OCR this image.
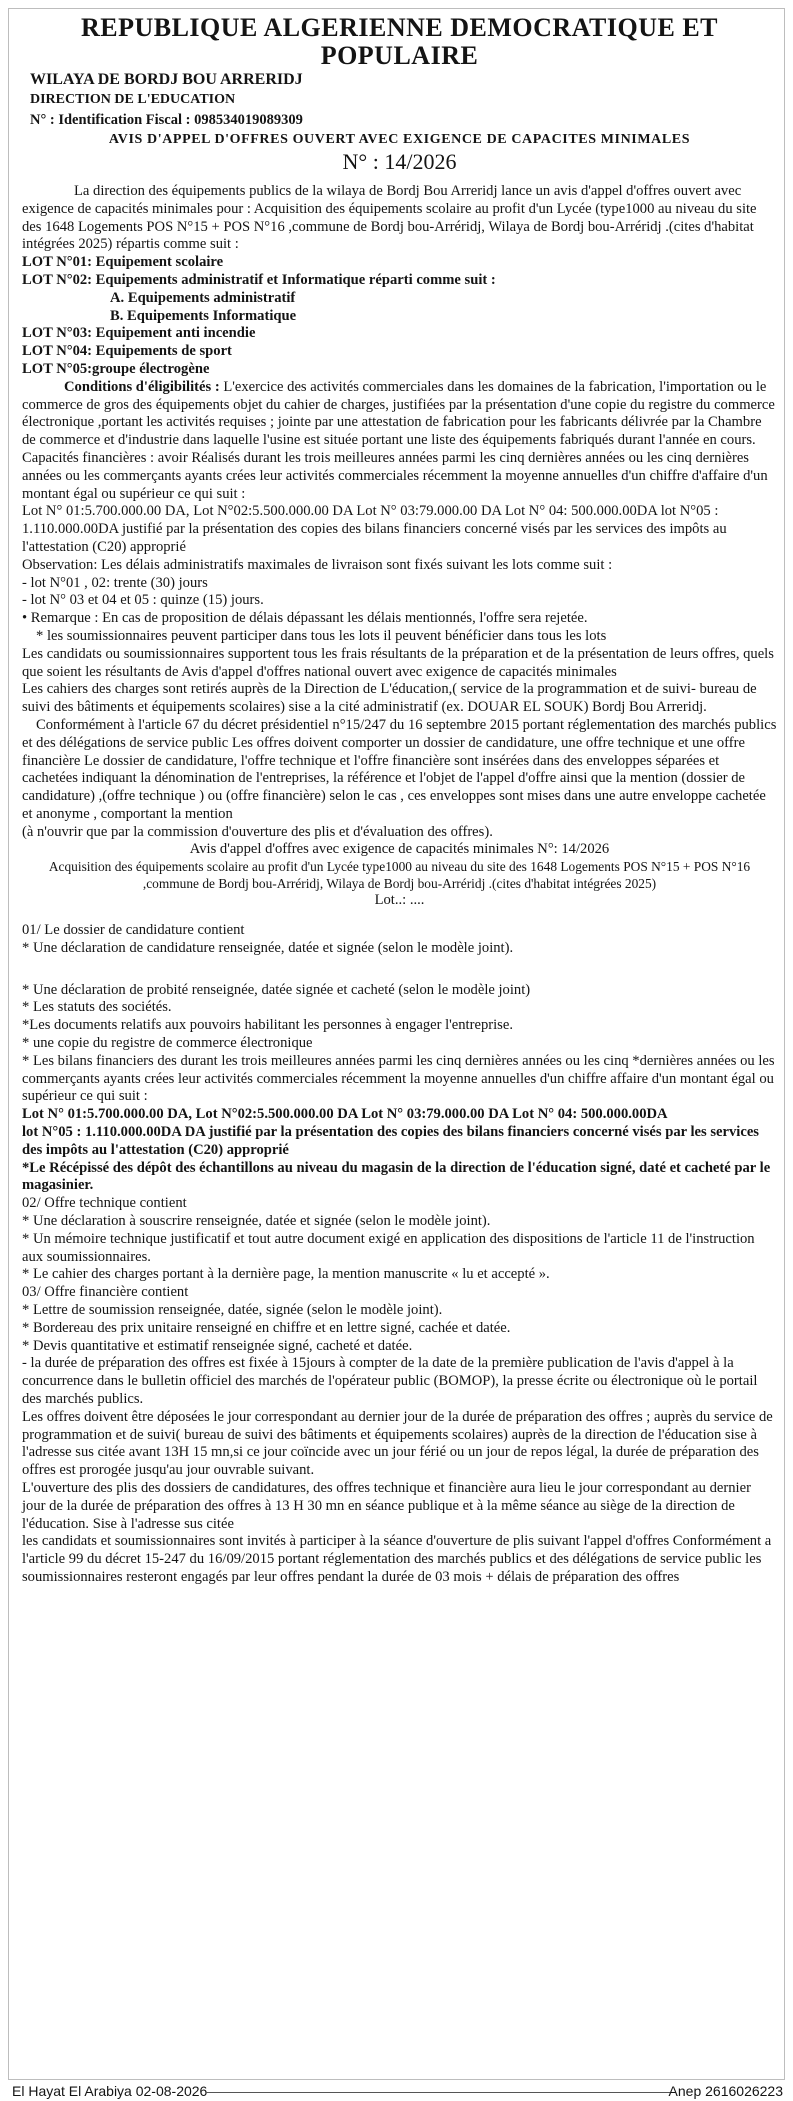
REPUBLIQUE ALGERIENNE DEMOCRATIQUE ET POPULAIRE

WILAYA DE BORDJ BOU ARRERIDJ

DIRECTION DE L'EDUCATION

N° : Identification Fiscal : 098534019089309

AVIS D'APPEL D'OFFRES OUVERT AVEC EXIGENCE DE CAPACITES MINIMALES

N° : 14/2026

La direction des équipements publics de la wilaya de Bordj Bou Arreridj lance un avis d'appel d'offres ouvert avec exigence de capacités minimales pour : Acquisition des équipements scolaire au profit d'un Lycée (type1000 au niveau du site des 1648 Logements POS N°15 + POS N°16 ,commune de Bordj bou-Arréridj, Wilaya de Bordj bou-Arréridj .(cites d'habitat intégrées 2025) répartis comme suit :

LOT N°01: Equipement scolaire

LOT N°02: Equipements administratif et Informatique réparti comme suit :

A. Equipements administratif

B. Equipements Informatique

LOT N°03: Equipement anti incendie

LOT N°04: Equipements de sport

LOT N°05:groupe électrogène

Conditions d'éligibilités : L'exercice des activités commerciales dans les domaines de la fabrication, l'importation ou le commerce de gros des équipements objet du cahier de charges, justifiées par la présentation d'une copie du registre du commerce électronique ,portant les activités requises ; jointe par une attestation de fabrication pour les fabricants délivrée par la Chambre de commerce et d'industrie dans laquelle l'usine est située portant une liste des équipements fabriqués durant l'année en cours.

Capacités financières : avoir Réalisés durant les trois meilleures années parmi les cinq dernières années ou les cinq dernières années ou les commerçants ayants crées leur activités commerciales récemment la moyenne annuelles d'un chiffre d'affaire d'un montant égal ou supérieur ce qui suit :

Lot N° 01:5.700.000.00 DA, Lot N°02:5.500.000.00 DA Lot N° 03:79.000.00 DA Lot N° 04: 500.000.00DA lot N°05 : 1.110.000.00DA justifié par la présentation des copies des bilans financiers concerné visés par les services des impôts au l'attestation (C20) approprié

Observation: Les délais administratifs maximales de livraison sont fixés suivant les lots comme suit :

- lot N°01 , 02: trente (30) jours

- lot N° 03 et 04 et 05 : quinze (15) jours.

• Remarque : En cas de proposition de délais dépassant les délais mentionnés, l'offre sera rejetée.

* les soumissionnaires peuvent participer dans tous les lots il peuvent bénéficier dans tous les lots

Les candidats ou soumissionnaires supportent tous les frais résultants de la préparation et de la présentation de leurs offres, quels que soient les résultants de Avis d'appel d'offres national ouvert avec exigence de capacités minimales

Les cahiers des charges sont retirés auprès de la Direction de L'éducation,( service de la programmation et de suivi- bureau de suivi des bâtiments et équipements scolaires) sise a la cité administratif (ex. DOUAR EL SOUK) Bordj Bou Arreridj.

Conformément à l'article 67 du décret présidentiel n°15/247 du 16 septembre 2015 portant réglementation des marchés publics et des délégations de service public Les offres doivent comporter un dossier de candidature, une offre technique et une offre financière Le dossier de candidature, l'offre technique et l'offre financière sont insérées dans des enveloppes séparées et cachetées indiquant la dénomination de l'entreprises, la référence et l'objet de l'appel d'offre ainsi que la mention (dossier de candidature) ,(offre technique ) ou (offre financière) selon le cas , ces enveloppes sont mises dans une autre enveloppe cachetée et anonyme , comportant la mention

(à n'ouvrir que par la commission d'ouverture des plis et d'évaluation des offres).

Avis d'appel d'offres avec exigence de capacités minimales N°: 14/2026

Acquisition des équipements scolaire au profit d'un Lycée type1000 au niveau du site des 1648 Logements POS N°15 + POS N°16 ,commune de Bordj bou-Arréridj, Wilaya de Bordj bou-Arréridj .(cites d'habitat intégrées 2025)

Lot..: ....

01/ Le dossier de candidature contient

* Une déclaration de candidature renseignée, datée et signée (selon le modèle joint).

* Une déclaration de probité renseignée, datée signée et cacheté (selon le modèle joint)

* Les statuts des sociétés.

*Les documents relatifs aux pouvoirs habilitant les personnes à engager l'entreprise.

* une copie du registre de commerce électronique

* Les bilans financiers des durant les trois meilleures années parmi les cinq dernières années ou les cinq *dernières années ou les commerçants ayants crées leur activités commerciales récemment la moyenne annuelles d'un chiffre affaire d'un montant égal ou supérieur ce qui suit :

Lot N° 01:5.700.000.00 DA, Lot N°02:5.500.000.00 DA Lot N° 03:79.000.00 DA Lot N° 04: 500.000.00DA

lot N°05 : 1.110.000.00DA DA justifié par la présentation des copies des bilans financiers concerné visés par les services des impôts au l'attestation (C20) approprié

*Le Récépissé des dépôt des échantillons au niveau du magasin de la direction de l'éducation signé, daté et cacheté par le magasinier.

02/ Offre technique contient

* Une déclaration à souscrire renseignée, datée et signée (selon le modèle joint).

* Un mémoire technique justificatif et tout autre document exigé en application des dispositions de l'article 11 de l'instruction aux soumissionnaires.

* Le cahier des charges portant à la dernière page, la mention manuscrite « lu et accepté ».

03/ Offre financière contient

* Lettre de soumission renseignée, datée, signée (selon le modèle joint).

* Bordereau des prix unitaire renseigné en chiffre et en lettre signé, cachée et datée.

* Devis quantitative et estimatif renseignée signé, cacheté et datée.

- la durée de préparation des offres est fixée à 15jours à compter de la date de la première publication de l'avis d'appel à la concurrence dans le bulletin officiel des marchés de l'opérateur public (BOMOP), la presse écrite ou électronique où le portail des marchés publics.

Les offres doivent être déposées le jour correspondant au dernier jour de la durée de préparation des offres ; auprès du service de programmation et de suivi( bureau de suivi des bâtiments et équipements scolaires) auprès de la direction de l'éducation sise à l'adresse sus citée avant 13H 15 mn,si ce jour coïncide avec un jour férié ou un jour de repos légal, la durée de préparation des offres est prorogée jusqu'au jour ouvrable suivant.

L'ouverture des plis des dossiers de candidatures, des offres technique et financière aura lieu le jour correspondant au dernier jour de la durée de préparation des offres à 13 H 30 mn en séance publique et à la même séance au siège de la direction de l'éducation. Sise à l'adresse sus citée

les candidats et soumissionnaires sont invités à participer à la séance d'ouverture de plis suivant l'appel d'offres Conformément a l'article 99 du décret 15-247 du 16/09/2015 portant réglementation des marchés publics et des délégations de service public les soumissionnaires resteront engagés par leur offres pendant la durée de 03 mois + délais de préparation des offres

El Hayat El Arabiya 02-08-2026	Anep 2616026223
